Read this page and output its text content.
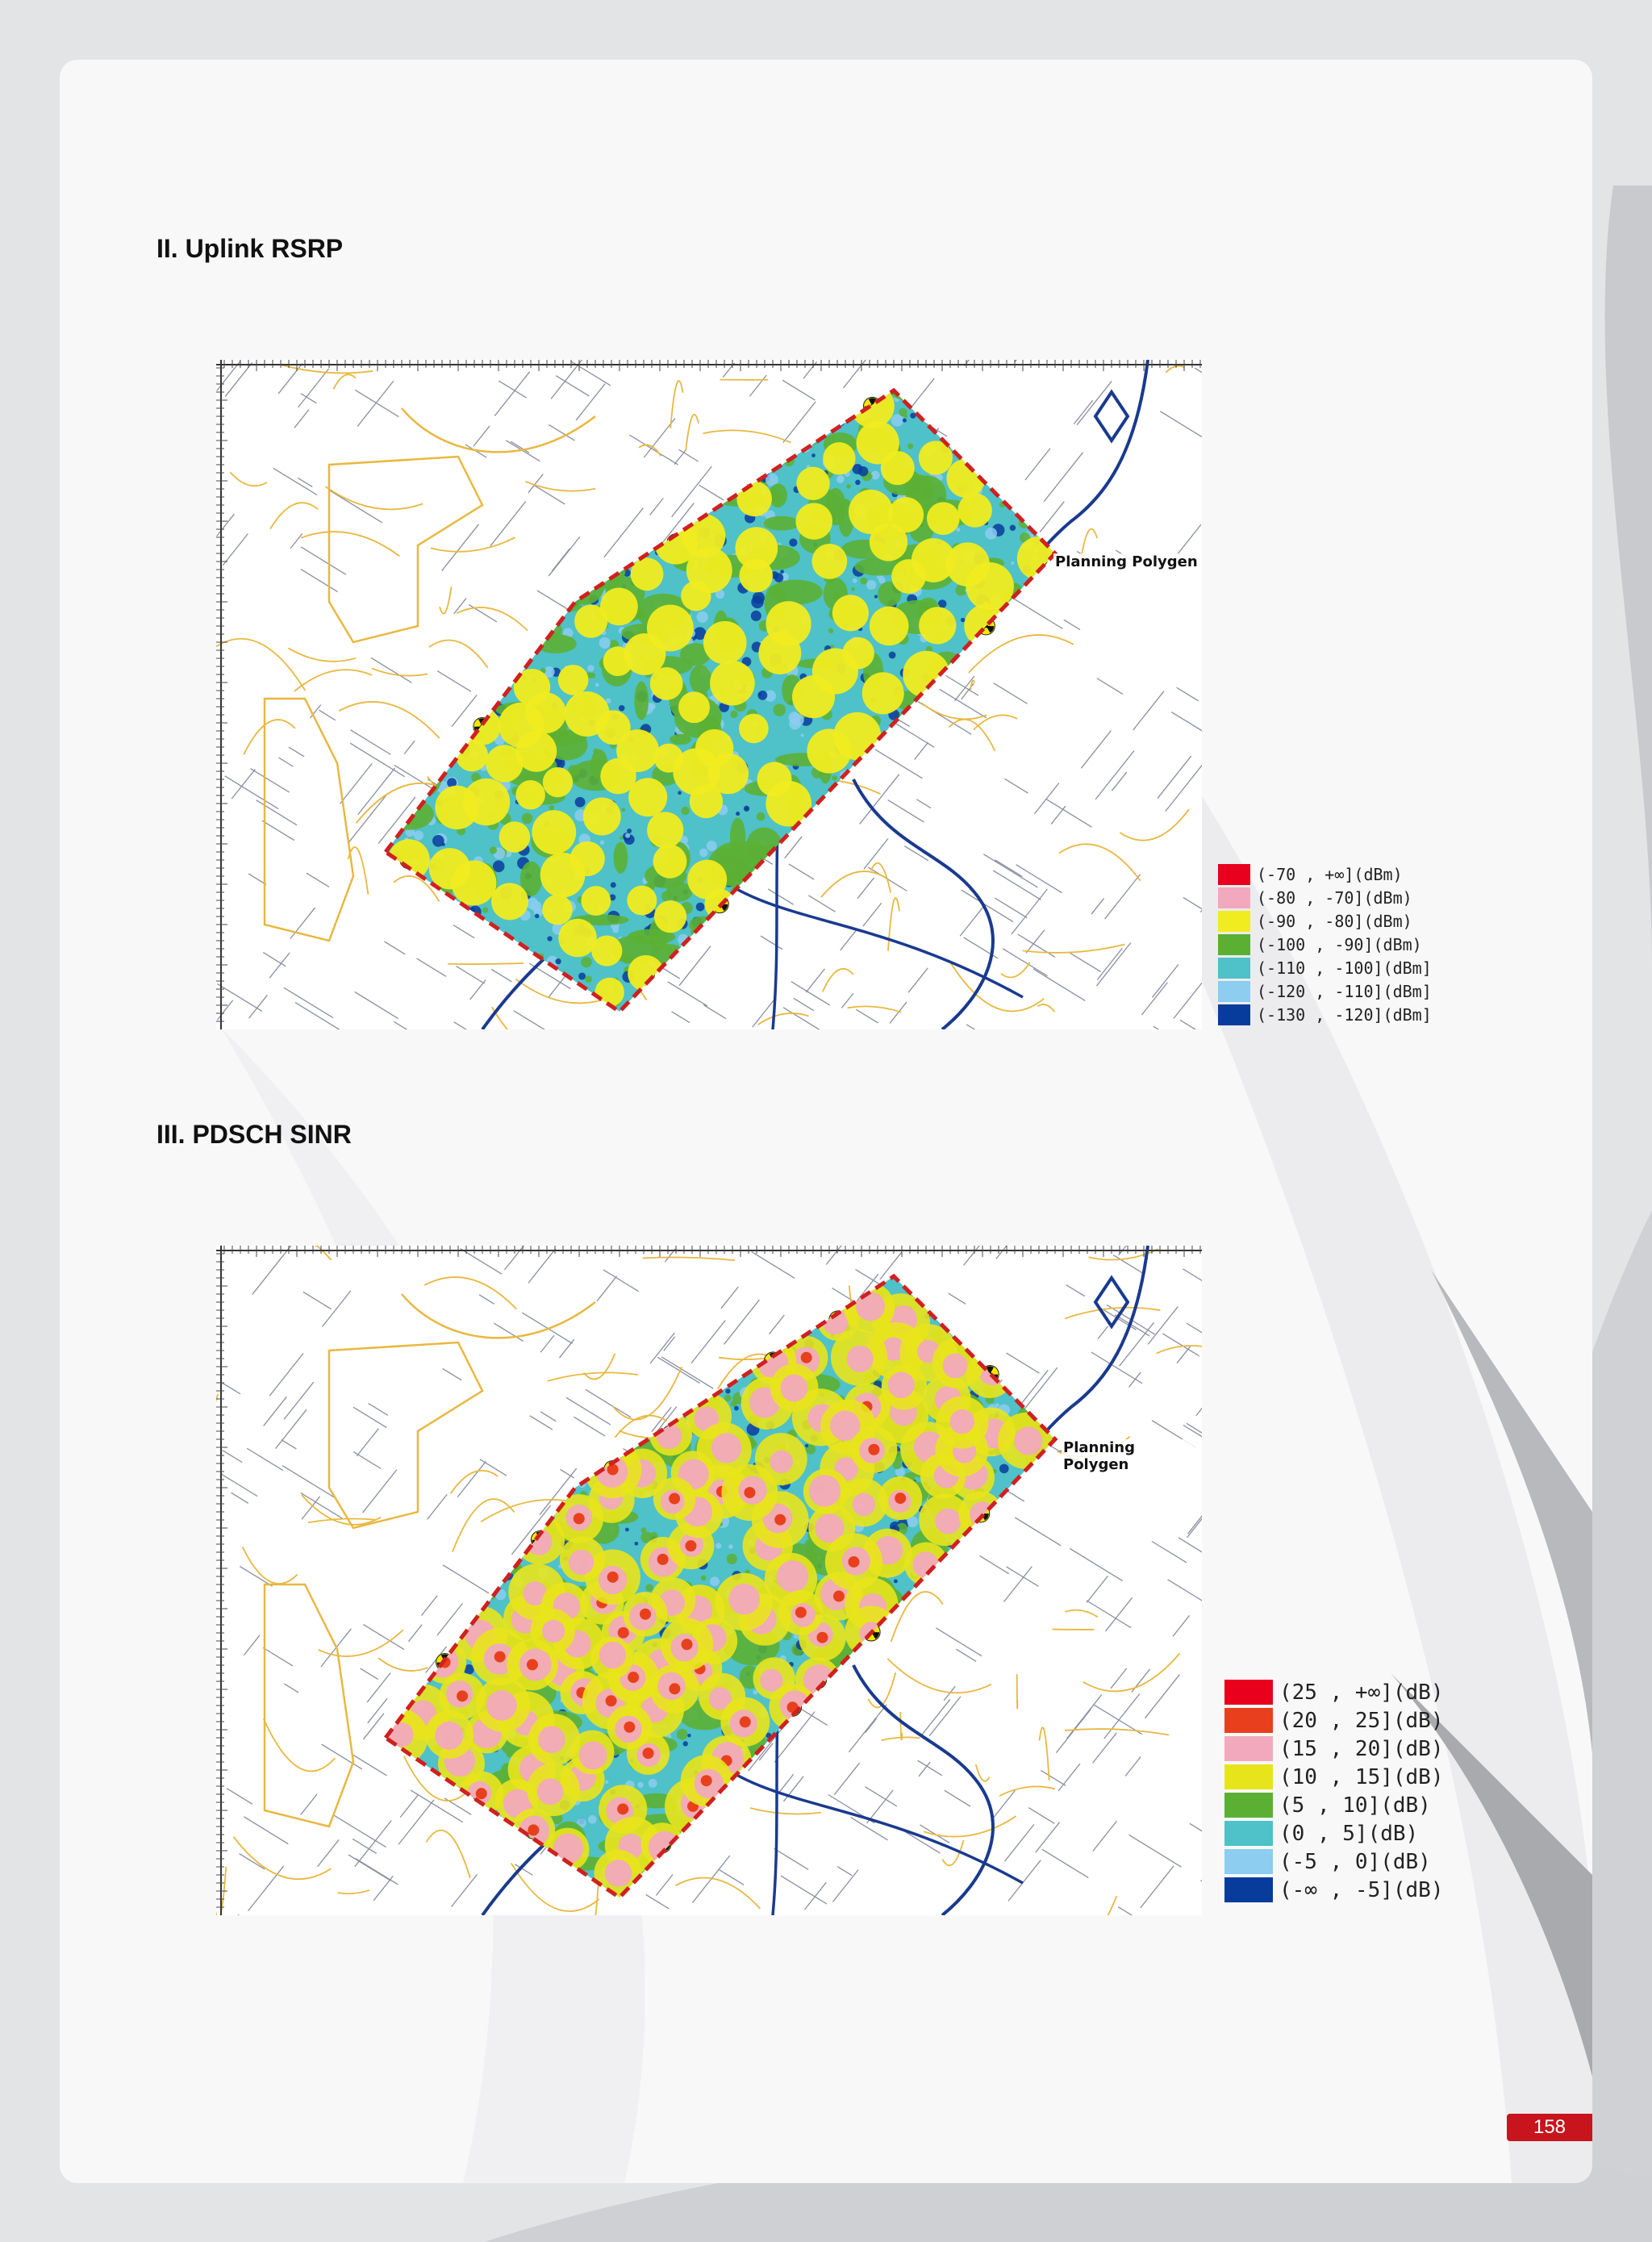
II. Uplink RSRP
Planning Polygen
(-70 , +∞](dBm)
(-80 , -70](dBm)
(-90 , -80](dBm)
(-100 , -90](dBm)
(-110 , -100](dBm]
(-120 , -110](dBm]
(-130 , -120](dBm]
III. PDSCH SINR
Planning Polygen
(25 , +∞](dB)
(20 , 25](dB)
(15 , 20](dB)
(10 , 15](dB)
(5 , 10](dB)
(0 , 5](dB)
(-5 , 0](dB)
(-∞ , -5](dB)
158
